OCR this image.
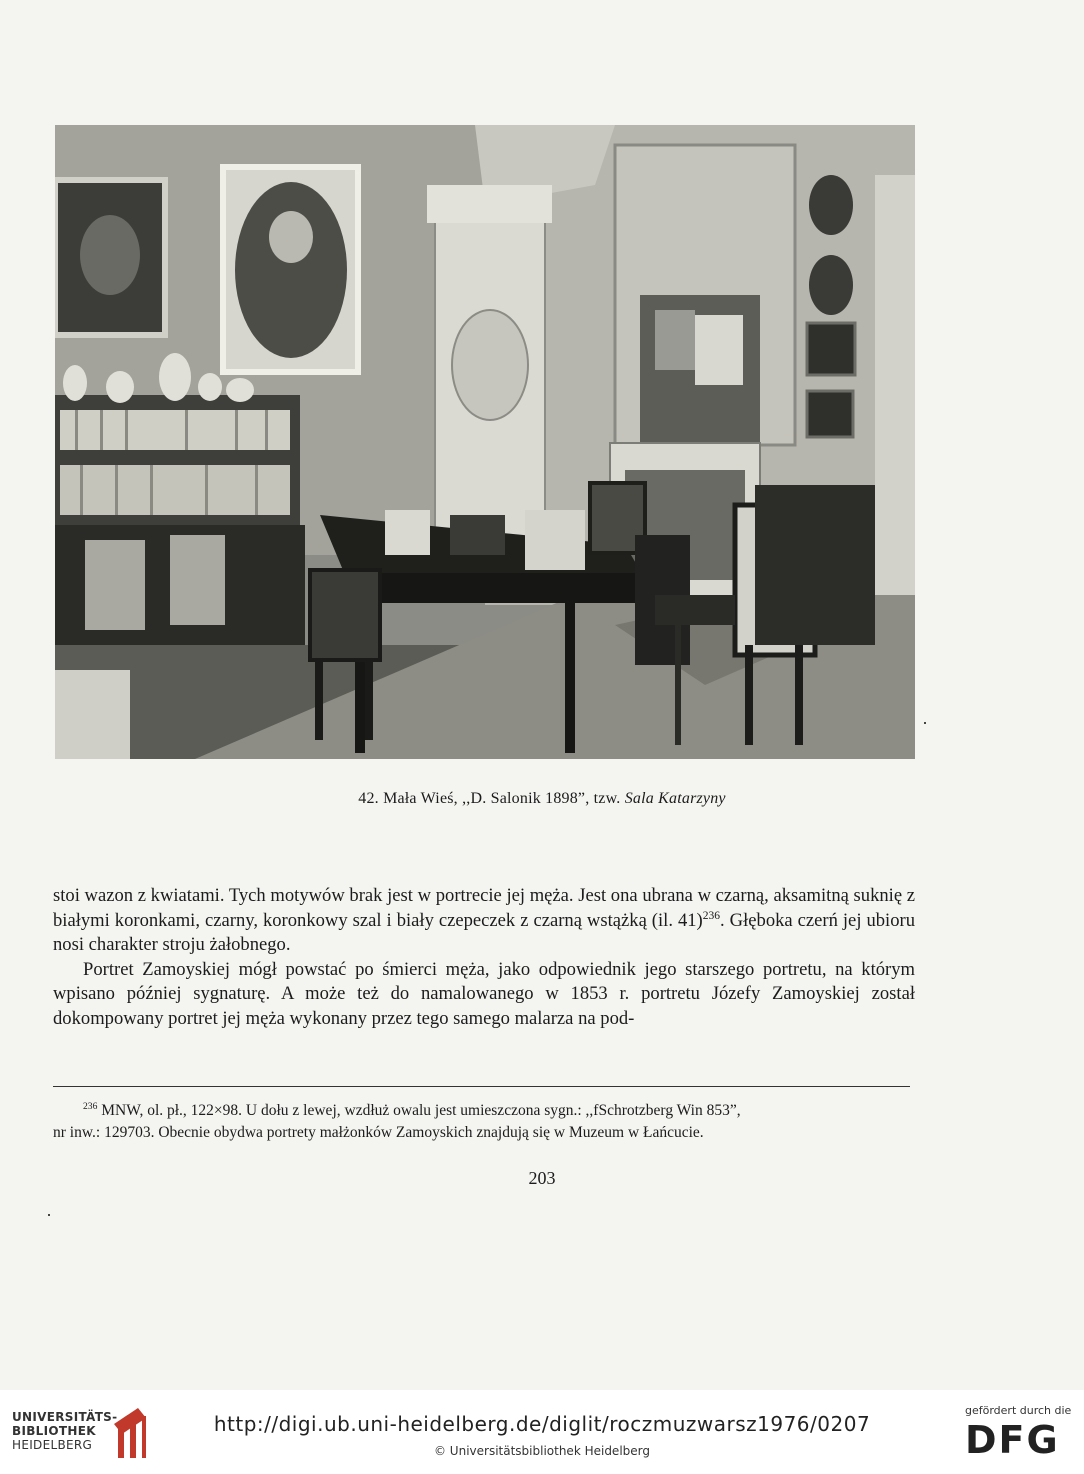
42. Mała Wieś, ,,D. Salonik 1898”, tzw. Sala Katarzyny

stoi wazon z kwiatami. Tych motywów brak jest w portrecie jej męża. Jest ona ubrana w czarną, aksamitną suknię z białymi koronkami, czarny, koronkowy szal i biały czepeczek z czarną wstążką (il. 41)$^{236}$. Głęboka czerń jej ubioru nosi charakter stroju żałobnego.

Portret Zamoyskiej mógł powstać po śmierci męża, jako odpowiednik jego starszego portretu, na którym wpisano później sygnaturę. A może też do namalowanego w 1853 r. portretu Józefy Zamoyskiej został dokompowany portret jej męża wykonany przez tego samego malarza na pod-

$^{236}$ MNW, ol. pł., 122×98. U dołu z lewej, wzdłuż owalu jest umieszczona sygn.: ,,fSchrotzberg Win 853”,
nr inw.: 129703. Obecnie obydwa portrety małżonków Zamoyskich znajdują się w Muzeum w Łańcucie.
203
UNIVERSITÄTS-
BIBLIOTHEK
HEIDELBERG
http://digi.ub.uni-heidelberg.de/diglit/roczmuzwarsz1976/0207
© Universitätsbibliothek Heidelberg
gefördert durch die
DFG
